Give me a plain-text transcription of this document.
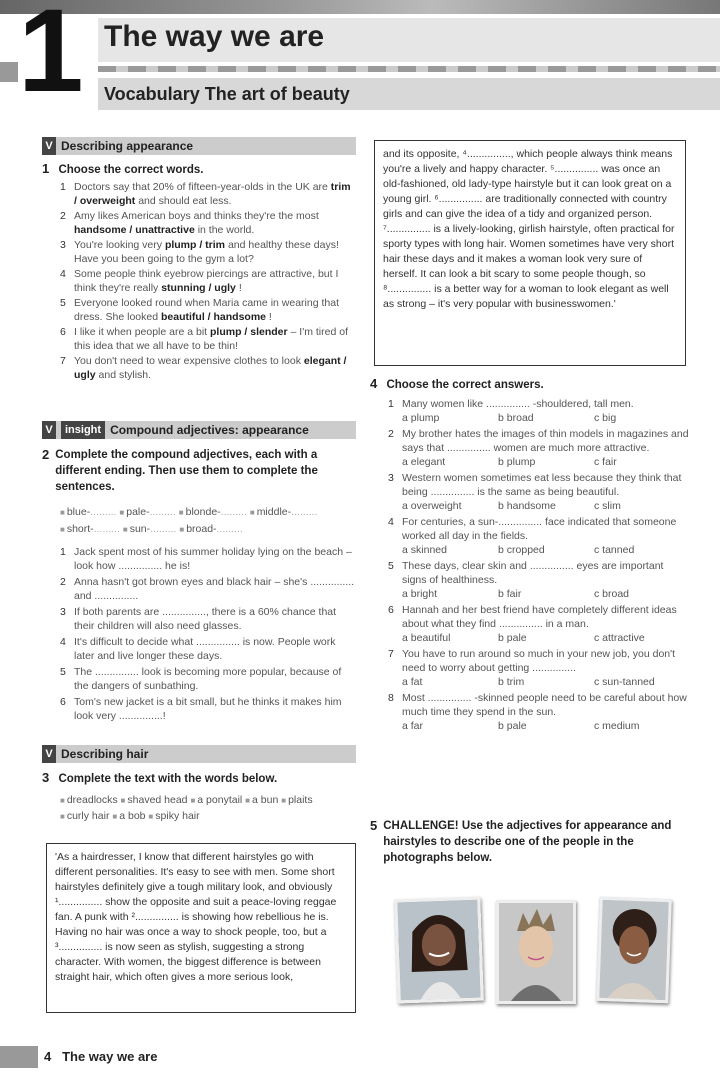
1 The way we are
Vocabulary The art of beauty
V Describing appearance
1 Choose the correct words.
1 Doctors say that 20% of fifteen-year-olds in the UK are trim / overweight and should eat less.
2 Amy likes American boys and thinks they're the most handsome / unattractive in the world.
3 You're looking very plump / trim and healthy these days! Have you been going to the gym a lot?
4 Some people think eyebrow piercings are attractive, but I think they're really stunning / ugly !
5 Everyone looked round when Maria came in wearing that dress. She looked beautiful / handsome !
6 I like it when people are a bit plump / slender – I'm tired of this idea that we all have to be thin!
7 You don't need to wear expensive clothes to look elegant / ugly and stylish.
V	insight Compound adjectives: appearance
2 Complete the compound adjectives, each with a different ending. Then use them to complete the sentences.
■ blue-......... ■ pale-......... ■ blonde-......... ■ middle-.........
■ short-......... ■ sun-......... ■ broad-.........
1 Jack spent most of his summer holiday lying on the beach – look how ............... he is!
2 Anna hasn't got brown eyes and black hair – she's ............... and ...............
3 If both parents are ..............., there is a 60% chance that their children will also need glasses.
4 It's difficult to decide what ............... is now. People work later and live longer these days.
5 The ............... look is becoming more popular, because of the dangers of sunbathing.
6 Tom's new jacket is a bit small, but he thinks it makes him look very ...............!
V Describing hair
3 Complete the text with the words below.
■ dreadlocks ■ shaved head ■ a ponytail ■ a bun ■ plaits
■ curly hair ■ a bob ■ spiky hair
'As a hairdresser, I know that different hairstyles go with different personalities. It's easy to see with men. Some short hairstyles definitely give a tough military look, and obviously ¹............... show the opposite and suit a peace-loving reggae fan. A punk with ²............... is showing how rebellious he is. Having no hair was once a way to shock people, too, but a ³............... is now seen as stylish, suggesting a strong character. With women, the biggest difference is between straight hair, which often gives a more serious look,
and its opposite, ⁴..............., which people always think means you're a lively and happy character. ⁵............... was once an old-fashioned, old lady-type hairstyle but it can look great on a young girl. ⁶............... are traditionally connected with country girls and can give the idea of a tidy and organized person. ⁷............... is a lively-looking, girlish hairstyle, often practical for sporty types with long hair. Women sometimes have very short hair these days and it makes a woman look very sure of herself. It can look a bit scary to some people though, so ⁸............... is a better way for a woman to look elegant as well as strong – it's very popular with businesswomen.'
4 Choose the correct answers.
1 Many women like ............... -shouldered, tall men.
a plump	b broad	c big
2 My brother hates the images of thin models in magazines and says that ............... women are much more attractive.
a elegant	b plump	c fair
3 Western women sometimes eat less because they think that being ............... is the same as being beautiful.
a overweight	b handsome	c slim
4 For centuries, a sun-............... face indicated that someone worked all day in the fields.
a skinned	b cropped	c tanned
5 These days, clear skin and ............... eyes are important signs of healthiness.
a bright	b fair	c broad
6 Hannah and her best friend have completely different ideas about what they find ............... in a man.
a beautiful	b pale	c attractive
7 You have to run around so much in your new job, you don't need to worry about getting ...............
a fat	b trim	c sun-tanned
8 Most ............... -skinned people need to be careful about how much time they spend in the sun.
a far	b pale	c medium
5 CHALLENGE! Use the adjectives for appearance and hairstyles to describe one of the people in the photographs below.
4 The way we are
